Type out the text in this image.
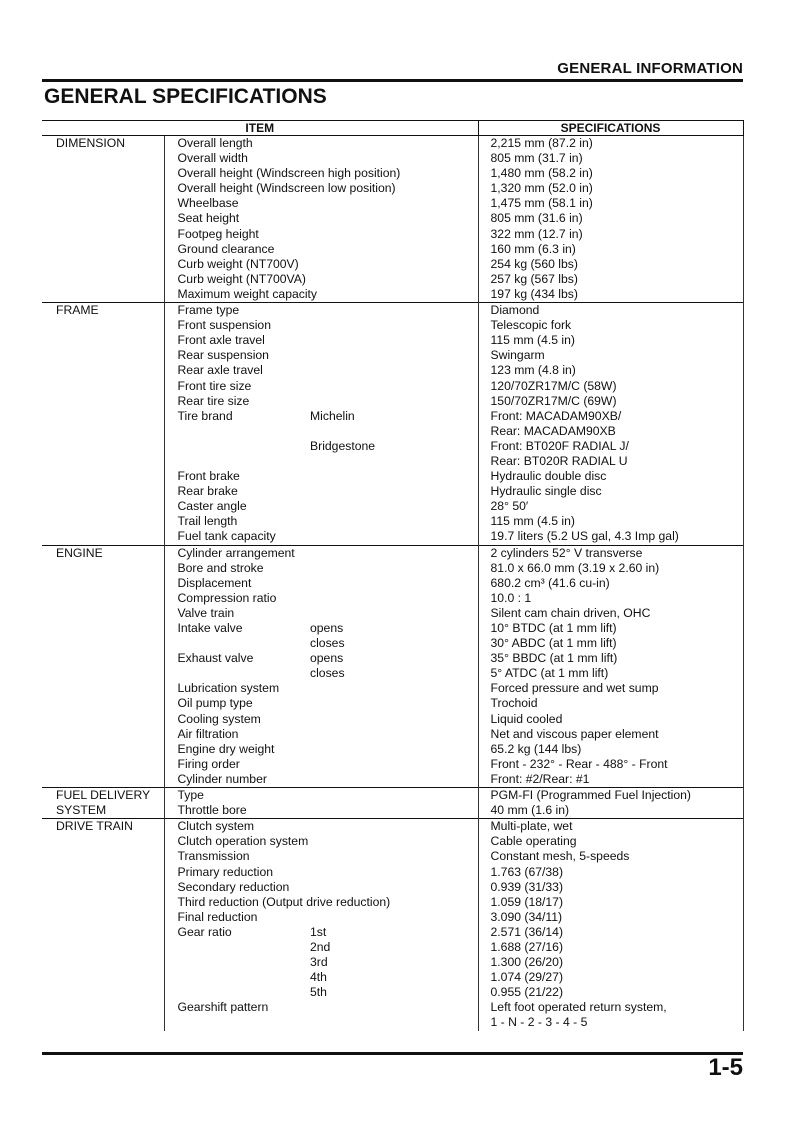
GENERAL INFORMATION
GENERAL SPECIFICATIONS
ITEM			SPECIFICATIONS
DIMENSION	Overall length		2,215 mm (87.2 in)
	Overall width		805 mm (31.7 in)
	Overall height (Windscreen high position)		1,480 mm (58.2 in)
	Overall height (Windscreen low position)		1,320 mm (52.0 in)
	Wheelbase		1,475 mm (58.1 in)
	Seat height		805 mm (31.6 in)
	Footpeg height		322 mm (12.7 in)
	Ground clearance		160 mm (6.3 in)
	Curb weight (NT700V)		254 kg (560 lbs)
	Curb weight (NT700VA)		257 kg (567 lbs)
	Maximum weight capacity		197 kg (434 lbs)
FRAME	Frame type		Diamond
	Front suspension		Telescopic fork
	Front axle travel		115 mm (4.5 in)
	Rear suspension		Swingarm
	Rear axle travel		123 mm (4.8 in)
	Front tire size		120/70ZR17M/C (58W)
	Rear tire size		150/70ZR17M/C (69W)
	Tire brand	Michelin	Front: MACADAM90XB/
			Rear: MACADAM90XB
		Bridgestone	Front: BT020F RADIAL J/
			Rear: BT020R RADIAL U
	Front brake		Hydraulic double disc
	Rear brake		Hydraulic single disc
	Caster angle		28° 50′
	Trail length		115 mm (4.5 in)
	Fuel tank capacity		19.7 liters (5.2 US gal, 4.3 Imp gal)
ENGINE	Cylinder arrangement		2 cylinders 52° V transverse
	Bore and stroke		81.0 x 66.0 mm (3.19 x 2.60 in)
	Displacement		680.2 cm³ (41.6 cu-in)
	Compression ratio		10.0 : 1
	Valve train		Silent cam chain driven, OHC
	Intake valve	opens	10° BTDC (at 1 mm lift)
		closes	30° ABDC (at 1 mm lift)
	Exhaust valve	opens	35° BBDC (at 1 mm lift)
		closes	5° ATDC (at 1 mm lift)
	Lubrication system		Forced pressure and wet sump
	Oil pump type		Trochoid
	Cooling system		Liquid cooled
	Air filtration		Net and viscous paper element
	Engine dry weight		65.2 kg (144 lbs)
	Firing order		Front - 232° - Rear - 488° - Front
	Cylinder number		Front: #2/Rear: #1
FUEL DELIVERY	Type		PGM-FI (Programmed Fuel Injection)
SYSTEM	Throttle bore		40 mm (1.6 in)
DRIVE TRAIN	Clutch system		Multi-plate, wet
	Clutch operation system		Cable operating
	Transmission		Constant mesh, 5-speeds
	Primary reduction		1.763 (67/38)
	Secondary reduction		0.939 (31/33)
	Third reduction (Output drive reduction)		1.059 (18/17)
	Final reduction		3.090 (34/11)
	Gear ratio	1st	2.571 (36/14)
		2nd	1.688 (27/16)
		3rd	1.300 (26/20)
		4th	1.074 (29/27)
		5th	0.955 (21/22)
	Gearshift pattern		Left foot operated return system,
			1 - N - 2 - 3 - 4 - 5
1-5
